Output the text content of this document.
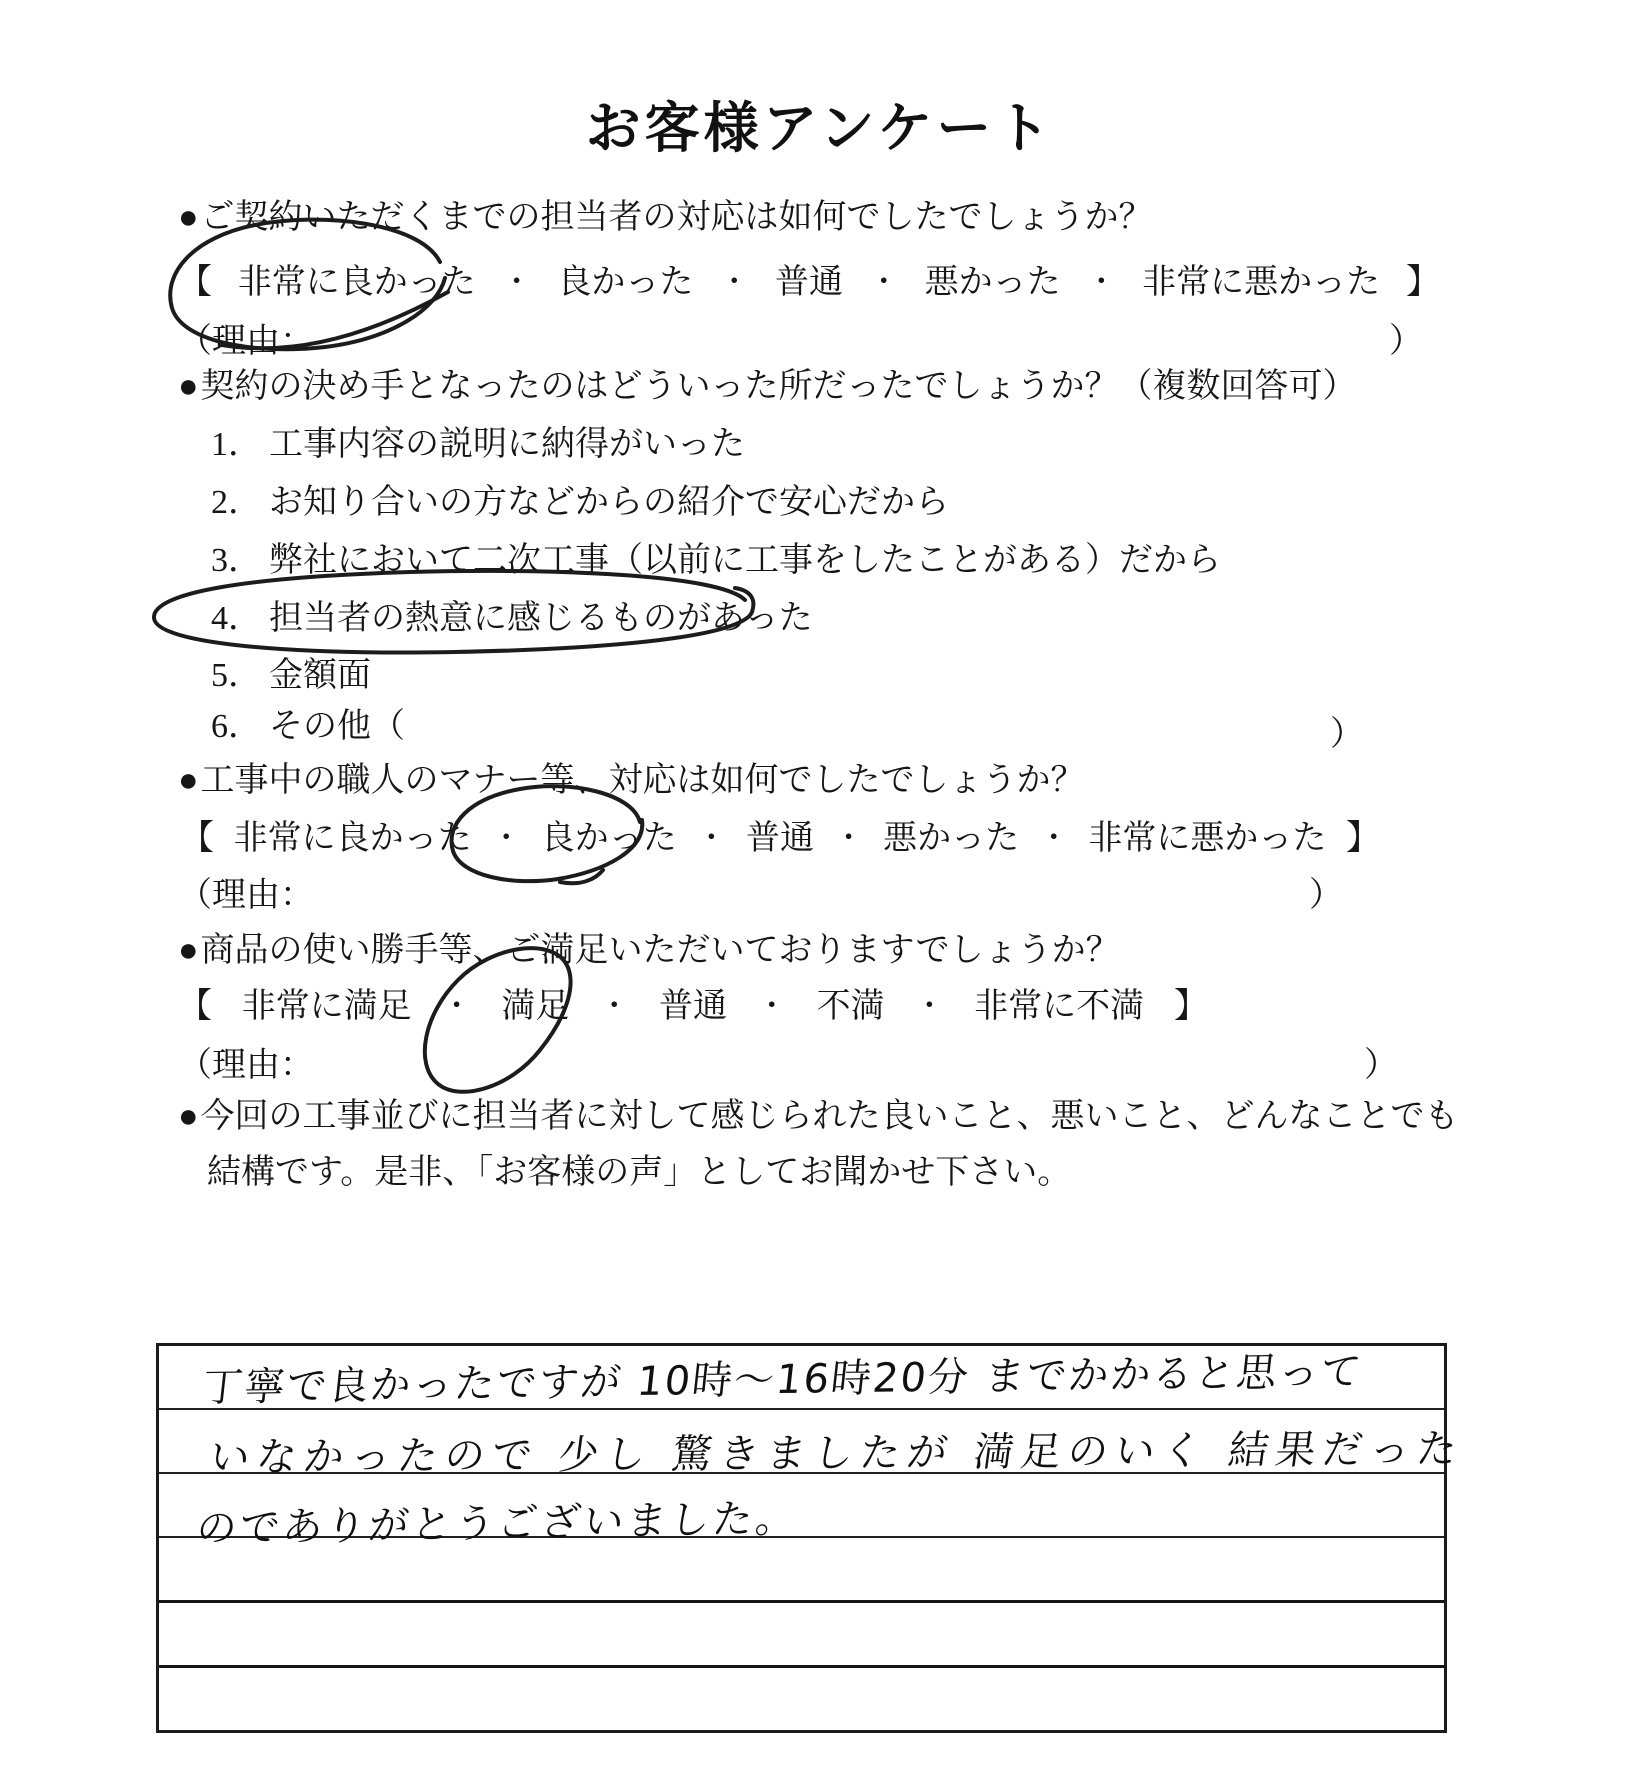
お客様アンケート
●ご契約いただくまでの担当者の対応は如何でしたでしょうか？
【 非常に良かった ・ 良かった ・ 普通 ・ 悪かった ・ 非常に悪かった 】
（理由：	）
●契約の決め手となったのはどういった所だったでしょうか？（複数回答可）
1． 工事内容の説明に納得がいった
2． お知り合いの方などからの紹介で安心だから
3． 弊社において二次工事（以前に工事をしたことがある）だから
4． 担当者の熱意に感じるものがあった
5． 金額面
6． その他（	）
●工事中の職人のマナー等、対応は如何でしたでしょうか？
【 非常に良かった ・ 良かった ・ 普通 ・ 悪かった ・ 非常に悪かった 】
（理由：	）
●商品の使い勝手等、ご満足いただいておりますでしょうか？
【 非常に満足 ・ 満足 ・ 普通 ・ 不満 ・ 非常に不満 】
（理由：	）
●今回の工事並びに担当者に対して感じられた良いこと、悪いこと、どんなことでも
結構です。是非、「お客様の声」としてお聞かせ下さい。
丁寧で良かったですが 10時〜16時20分 までかかると思って
いなかったので 少し 驚きましたが 満足のいく 結果だった
のでありがとうございました。
